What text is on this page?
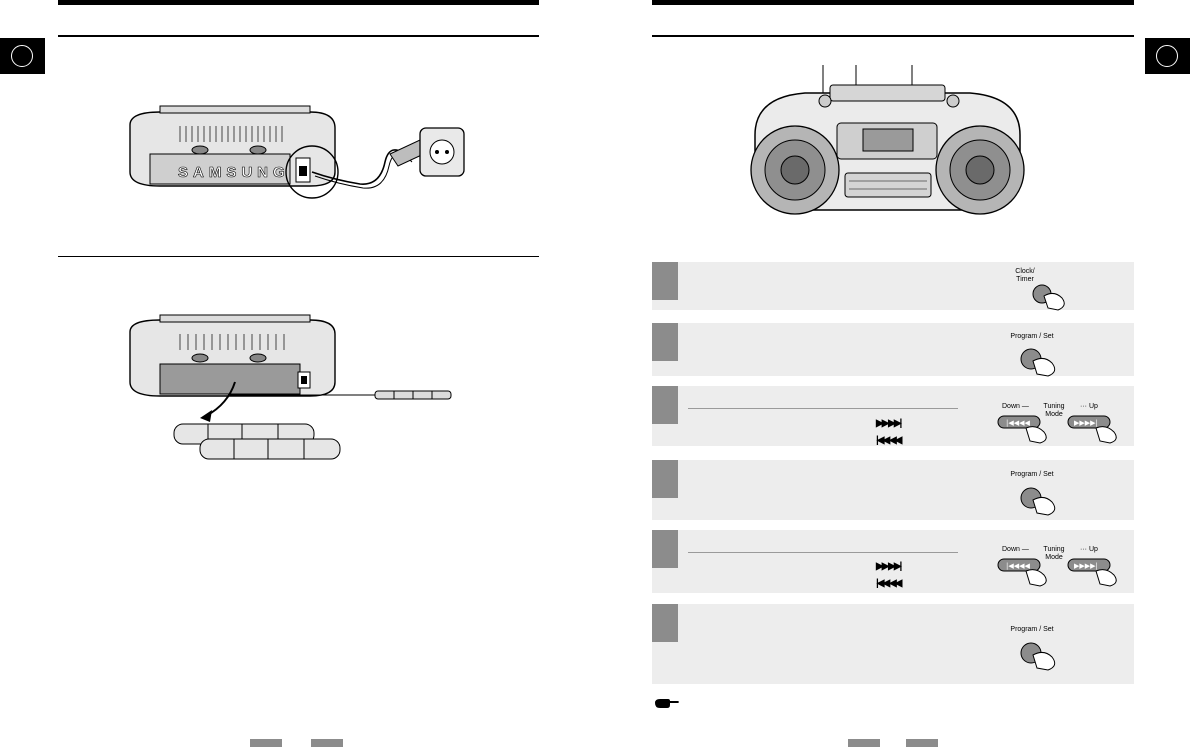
SAMSUNG
Clock/
Timer
Program / Set
▶▶ ▶▶|
|◀◀ ◀◀
Down —	Tuning
Mode
··· Up
|◀◀◀◀	▶▶▶▶|
Program / Set
▶▶ ▶▶|
|◀◀ ◀◀
Down —	Tuning
Mode
··· Up
|◀◀◀◀	▶▶▶▶|
Program / Set
